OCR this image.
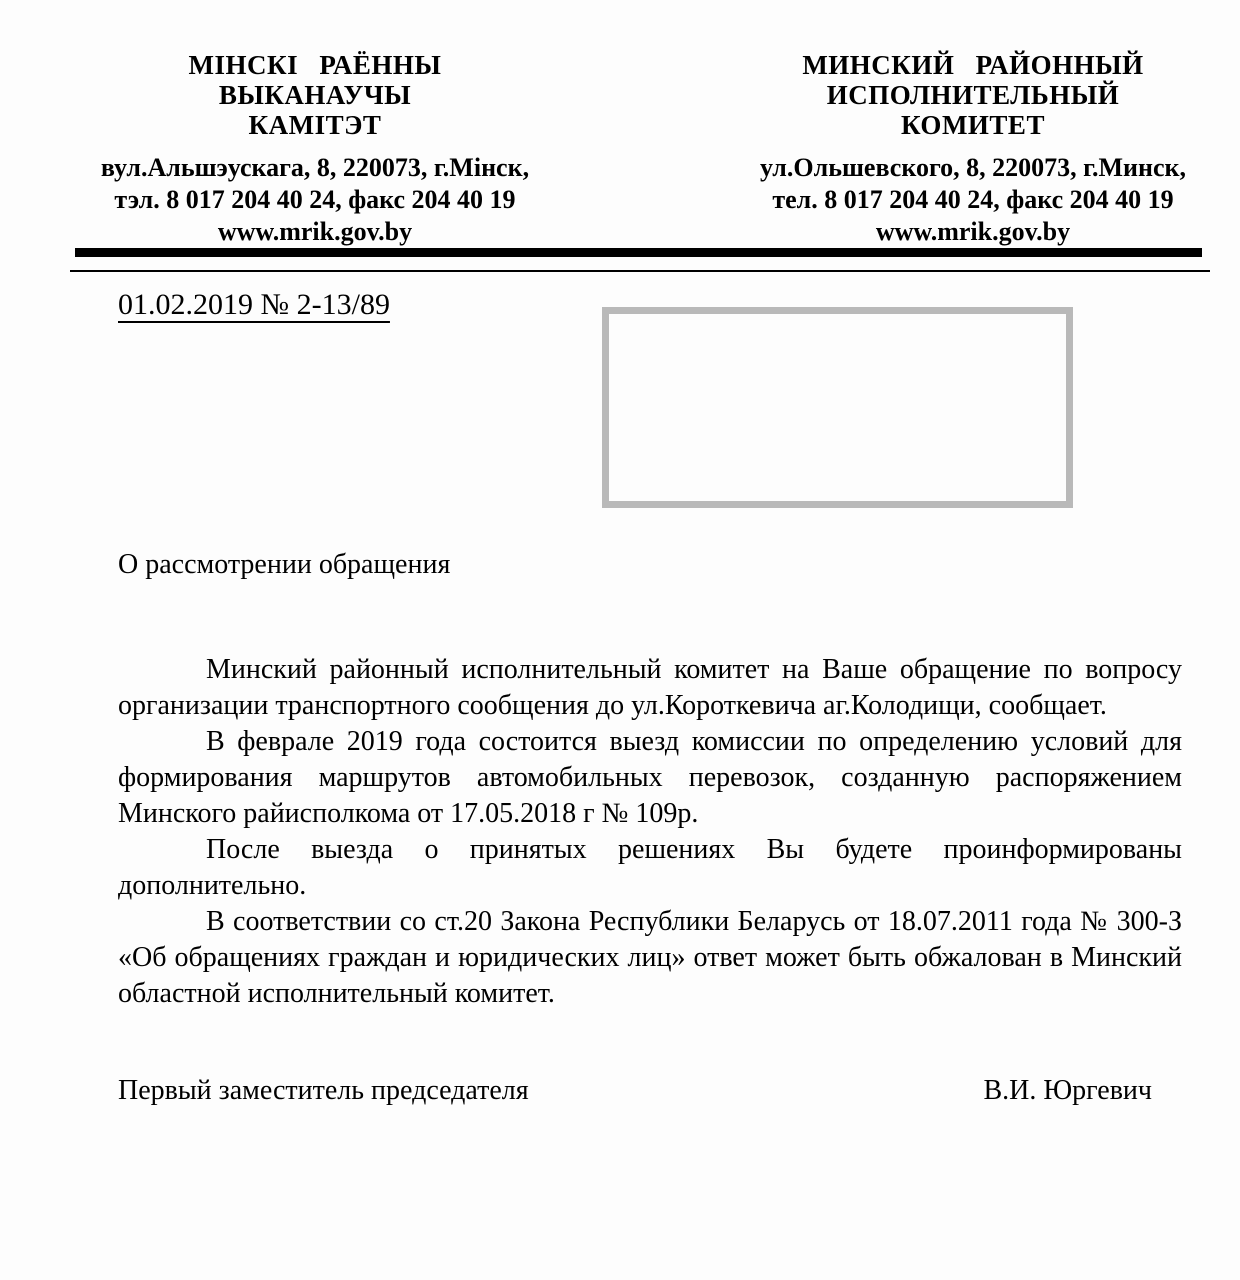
МІНСКІ РАЁННЫ
ВЫКАНАУЧЫ
КАМІТЭТ
вул.Альшэускага, 8, 220073, г.Мінск,
тэл. 8 017 204 40 24, факс 204 40 19
www.mrik.gov.by
МИНСКИЙ РАЙОННЫЙ
ИСПОЛНИТЕЛЬНЫЙ
КОМИТЕТ
ул.Ольшевского, 8, 220073, г.Минск,
тел. 8 017 204 40 24, факс 204 40 19
www.mrik.gov.by
01.02.2019 № 2-13/89
О рассмотрении обращения

Минский районный исполнительный комитет на Ваше обращение по вопросу организации транспортного сообщения до ул.Короткевича аг.Колодищи, сообщает.

В феврале 2019 года состоится выезд комиссии по определению условий для формирования маршрутов автомобильных перевозок, созданную распоряжением Минского райисполкома от 17.05.2018 г № 109р.

После выезда о принятых решениях Вы будете проинформированы дополнительно.

В соответствии со ст.20 Закона Республики Беларусь от 18.07.2011 года № 300-З «Об обращениях граждан и юридических лиц» ответ может быть обжалован в Минский областной исполнительный комитет.

Первый заместитель председателя	В.И. Юргевич
